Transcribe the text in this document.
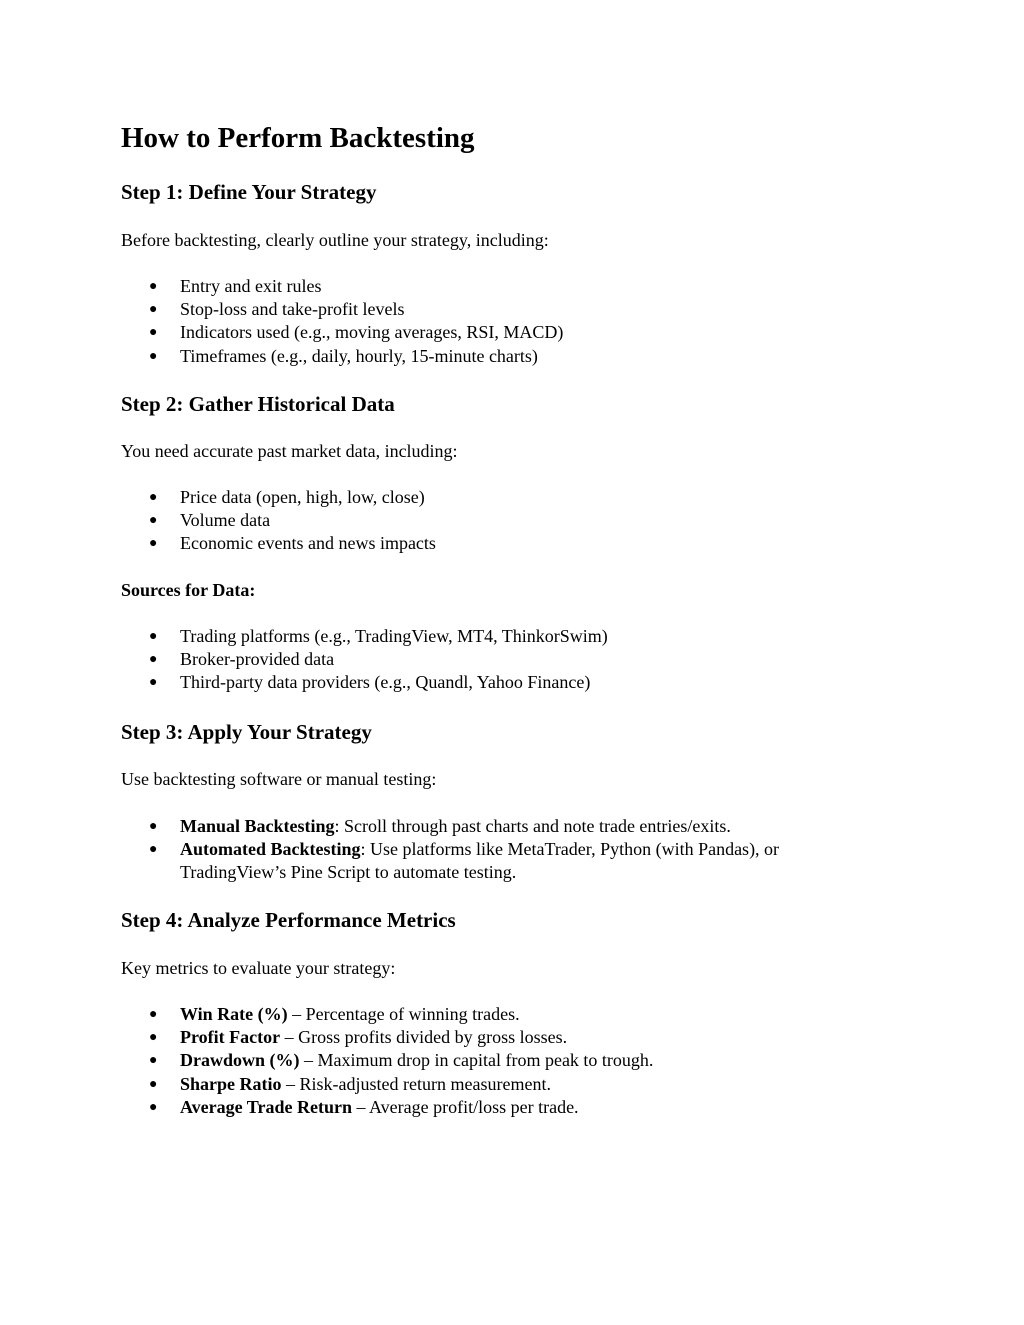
How to Perform Backtesting
Step 1: Define Your Strategy

Before backtesting, clearly outline your strategy, including:

● Entry and exit rules
● Stop-loss and take-profit levels
● Indicators used (e.g., moving averages, RSI, MACD)
● Timeframes (e.g., daily, hourly, 15-minute charts)
Step 2: Gather Historical Data

You need accurate past market data, including:

● Price data (open, high, low, close)
● Volume data
● Economic events and news impacts

Sources for Data:

● Trading platforms (e.g., TradingView, MT4, ThinkorSwim)
● Broker-provided data
● Third-party data providers (e.g., Quandl, Yahoo Finance)
Step 3: Apply Your Strategy

Use backtesting software or manual testing:

● Manual Backtesting: Scroll through past charts and note trade entries/exits.
● Automated Backtesting: Use platforms like MetaTrader, Python (with Pandas), or TradingView’s Pine Script to automate testing.
Step 4: Analyze Performance Metrics

Key metrics to evaluate your strategy:

● Win Rate (%) – Percentage of winning trades.
● Profit Factor – Gross profits divided by gross losses.
● Drawdown (%) – Maximum drop in capital from peak to trough.
● Sharpe Ratio – Risk-adjusted return measurement.
● Average Trade Return – Average profit/loss per trade.
